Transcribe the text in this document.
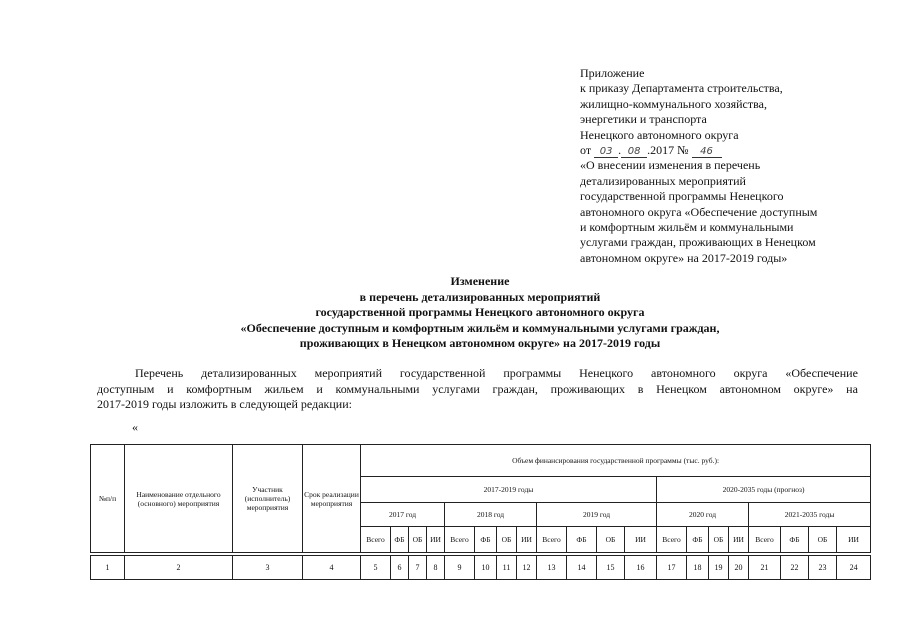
Приложение
к приказу Департамента строительства,
жилищно-коммунального хозяйства,
энергетики и транспорта
Ненецкого автономного округа
от 03 . 08 .2017 № 46
«О внесении изменения в перечень
детализированных мероприятий
государственной программы Ненецкого
автономного округа «Обеспечение доступным
и комфортным жильём и коммунальными
услугами граждан, проживающих в Ненецком
автономном округе» на 2017-2019 годы»
Изменение
в перечень детализированных мероприятий
государственной программы Ненецкого автономного округа
«Обеспечение доступным и комфортным жильём и коммунальными услугами граждан,
проживающих в Ненецком автономном округе» на 2017-2019 годы
Перечень детализированных мероприятий государственной программы Ненецкого автономного округа «Обеспечение
доступным и комфортным жильем и коммунальными услугами граждан, проживающих в Ненецком автономном округе» на
2017-2019 годы изложить в следующей редакции:
«
№п/п	Наименование отдельного (основного) мероприятия	Участник (исполнитель) мероприятия	Срок реализации мероприятия	Объем финансирования государственной программы (тыс. руб.):																			
				2017-2019 годы												2020-2035 годы (прогноз)							
				2017 год				2018 год				2019 год				2020 год				2021-2035 годы			
				Всего	ФБ	ОБ	ИИ	Всего	ФБ	ОБ	ИИ	Всего	ФБ	ОБ	ИИ	Всего	ФБ	ОБ	ИИ	Всего	ФБ	ОБ	ИИ

1	2	3	4	5	6	7	8	9	10	11	12	13	14	15	16	17	18	19	20	21	22	23	24
